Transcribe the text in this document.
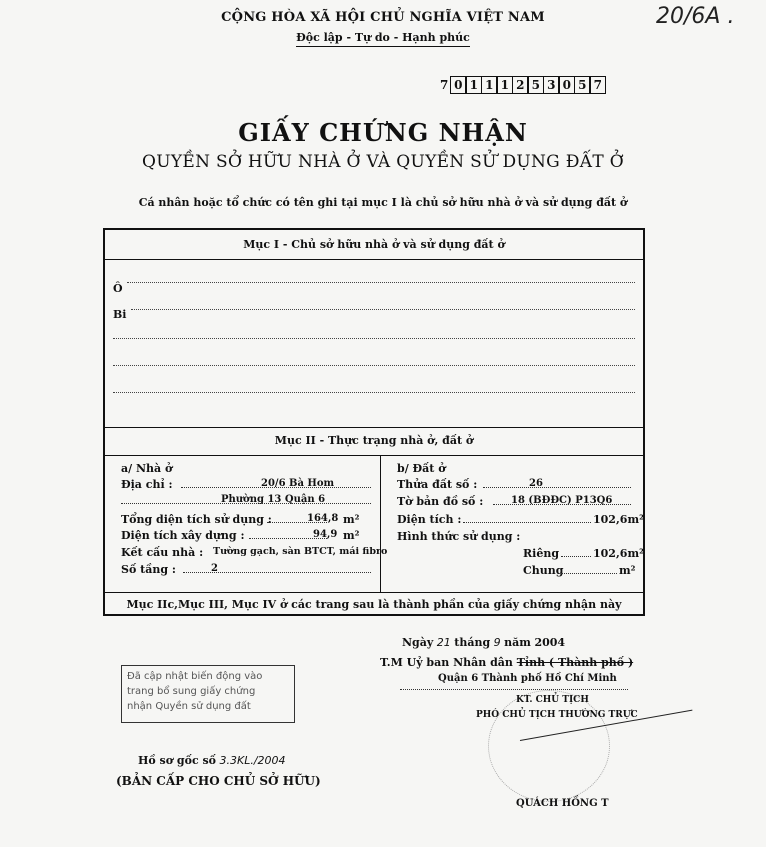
CỘNG HÒA XÃ HỘI CHỦ NGHĨA VIỆT NAM
Độc lập - Tự do - Hạnh phúc
20/6A .
7 0 1 1 1 2 5 3 0 5 7
GIẤY CHỨNG NHẬN
QUYỀN SỞ HỮU NHÀ Ở VÀ QUYỀN SỬ DỤNG ĐẤT Ở
Cá nhân hoặc tổ chức có tên ghi tại mục I là chủ sở hữu nhà ở và sử dụng đất ở
Mục I - Chủ sở hữu nhà ở và sử dụng đất ở
Ô
Bi
Mục II - Thực trạng nhà ở, đất ở
a/ Nhà ở
Địa chỉ :	20/6 Bà Hom
Phường 13 Quận 6
Tổng diện tích sử dụng :	164,8 m²
Diện tích xây dựng :	94,9 m²
Kết cấu nhà : Tường gạch, sàn BTCT, mái fibro
Số tầng :	2
b/ Đất ở
Thửa đất số :	26
Tờ bản đồ số :	18 (BĐĐC) P13Q6
Diện tích :	102,6m²
Hình thức sử dụng :
Riêng	102,6m²
Chung	m²
Mục IIc,Mục III, Mục IV ở các trang sau là thành phần của giấy chứng nhận này
Đã cập nhật biến động vào
trang bổ sung giấy chứng
nhận Quyền sử dụng đất
Ngày 21 tháng 9 năm 2004
T.M Uỷ ban Nhân dân Tỉnh ( Thành phố )
Quận 6 Thành phố Hồ Chí Minh
KT. CHỦ TỊCH
PHÓ CHỦ TỊCH THƯỜNG TRỰC
QUÁCH HỒNG T
Hồ sơ gốc số 3.3KL./2004
(BẢN CẤP CHO CHỦ SỞ HỮU)
